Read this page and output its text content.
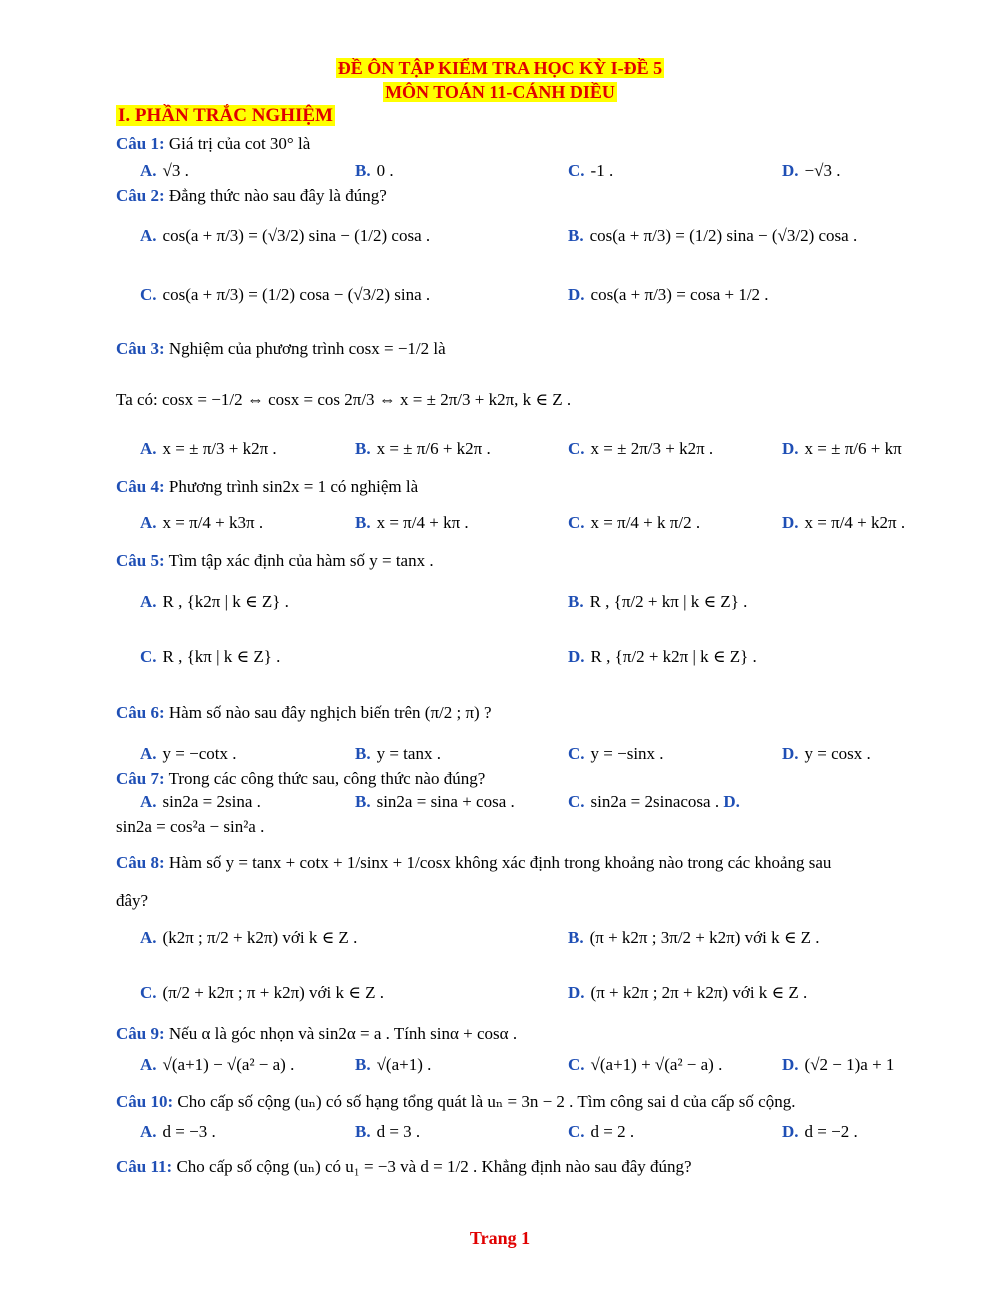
ĐỀ ÔN TẬP KIỂM TRA HỌC KỲ I-ĐỀ 5
MÔN TOÁN 11-CÁNH DIỀU
I. PHẦN TRẮC NGHIỆM
Câu 1: Giá trị của cot 30° là
A. √3 .	B. 0 .	C. -1 .	D. −√3 .
Câu 2: Đẳng thức nào sau đây là đúng?
A. cos(a + π/3) = (√3/2) sina − (1/2) cosa .	B. cos(a + π/3) = (1/2) sina − (√3/2) cosa .
C. cos(a + π/3) = (1/2) cosa − (√3/2) sina .	D. cos(a + π/3) = cosa + 1/2 .
Câu 3: Nghiệm của phương trình cosx = −1/2 là
Ta có: cosx = −1/2 ⇔ cosx = cos 2π/3 ⇔ x = ± 2π/3 + k2π, k ∈ Z .
A. x = ± π/3 + k2π .	B. x = ± π/6 + k2π .	C. x = ± 2π/3 + k2π .	D. x = ± π/6 + kπ
Câu 4: Phương trình sin2x = 1 có nghiệm là
A. x = π/4 + k3π .	B. x = π/4 + kπ .	C. x = π/4 + k π/2 .	D. x = π/4 + k2π .
Câu 5: Tìm tập xác định của hàm số y = tanx .
A. R , {k2π | k ∈ Z} .	B. R , {π/2 + kπ | k ∈ Z} .
C. R , {kπ | k ∈ Z} .	D. R , {π/2 + k2π | k ∈ Z} .
Câu 6: Hàm số nào sau đây nghịch biến trên (π/2 ; π) ?
A. y = −cotx .	B. y = tanx .	C. y = −sinx .	D. y = cosx .
Câu 7: Trong các công thức sau, công thức nào đúng?
A. sin2a = 2sina .	B. sin2a = sina + cosa .	C. sin2a = 2sinacosa . D.
sin2a = cos²a − sin²a .
Câu 8: Hàm số y = tanx + cotx + 1/sinx + 1/cosx không xác định trong khoảng nào trong các khoảng sau
đây?
A. (k2π ; π/2 + k2π) với k ∈ Z .	B. (π + k2π ; 3π/2 + k2π) với k ∈ Z .
C. (π/2 + k2π ; π + k2π) với k ∈ Z .	D. (π + k2π ; 2π + k2π) với k ∈ Z .
Câu 9: Nếu α là góc nhọn và sin2α = a . Tính sinα + cosα .
A. √(a+1) − √(a² − a) .	B. √(a+1) .	C. √(a+1) + √(a² − a) .	D. (√2 − 1)a + 1
Câu 10: Cho cấp số cộng (uₙ) có số hạng tổng quát là uₙ = 3n − 2 . Tìm công sai d của cấp số cộng.
A. d = −3 .	B. d = 3 .	C. d = 2 .	D. d = −2 .
Câu 11: Cho cấp số cộng (uₙ) có u₁ = −3 và d = 1/2 . Khẳng định nào sau đây đúng?
Trang 1
